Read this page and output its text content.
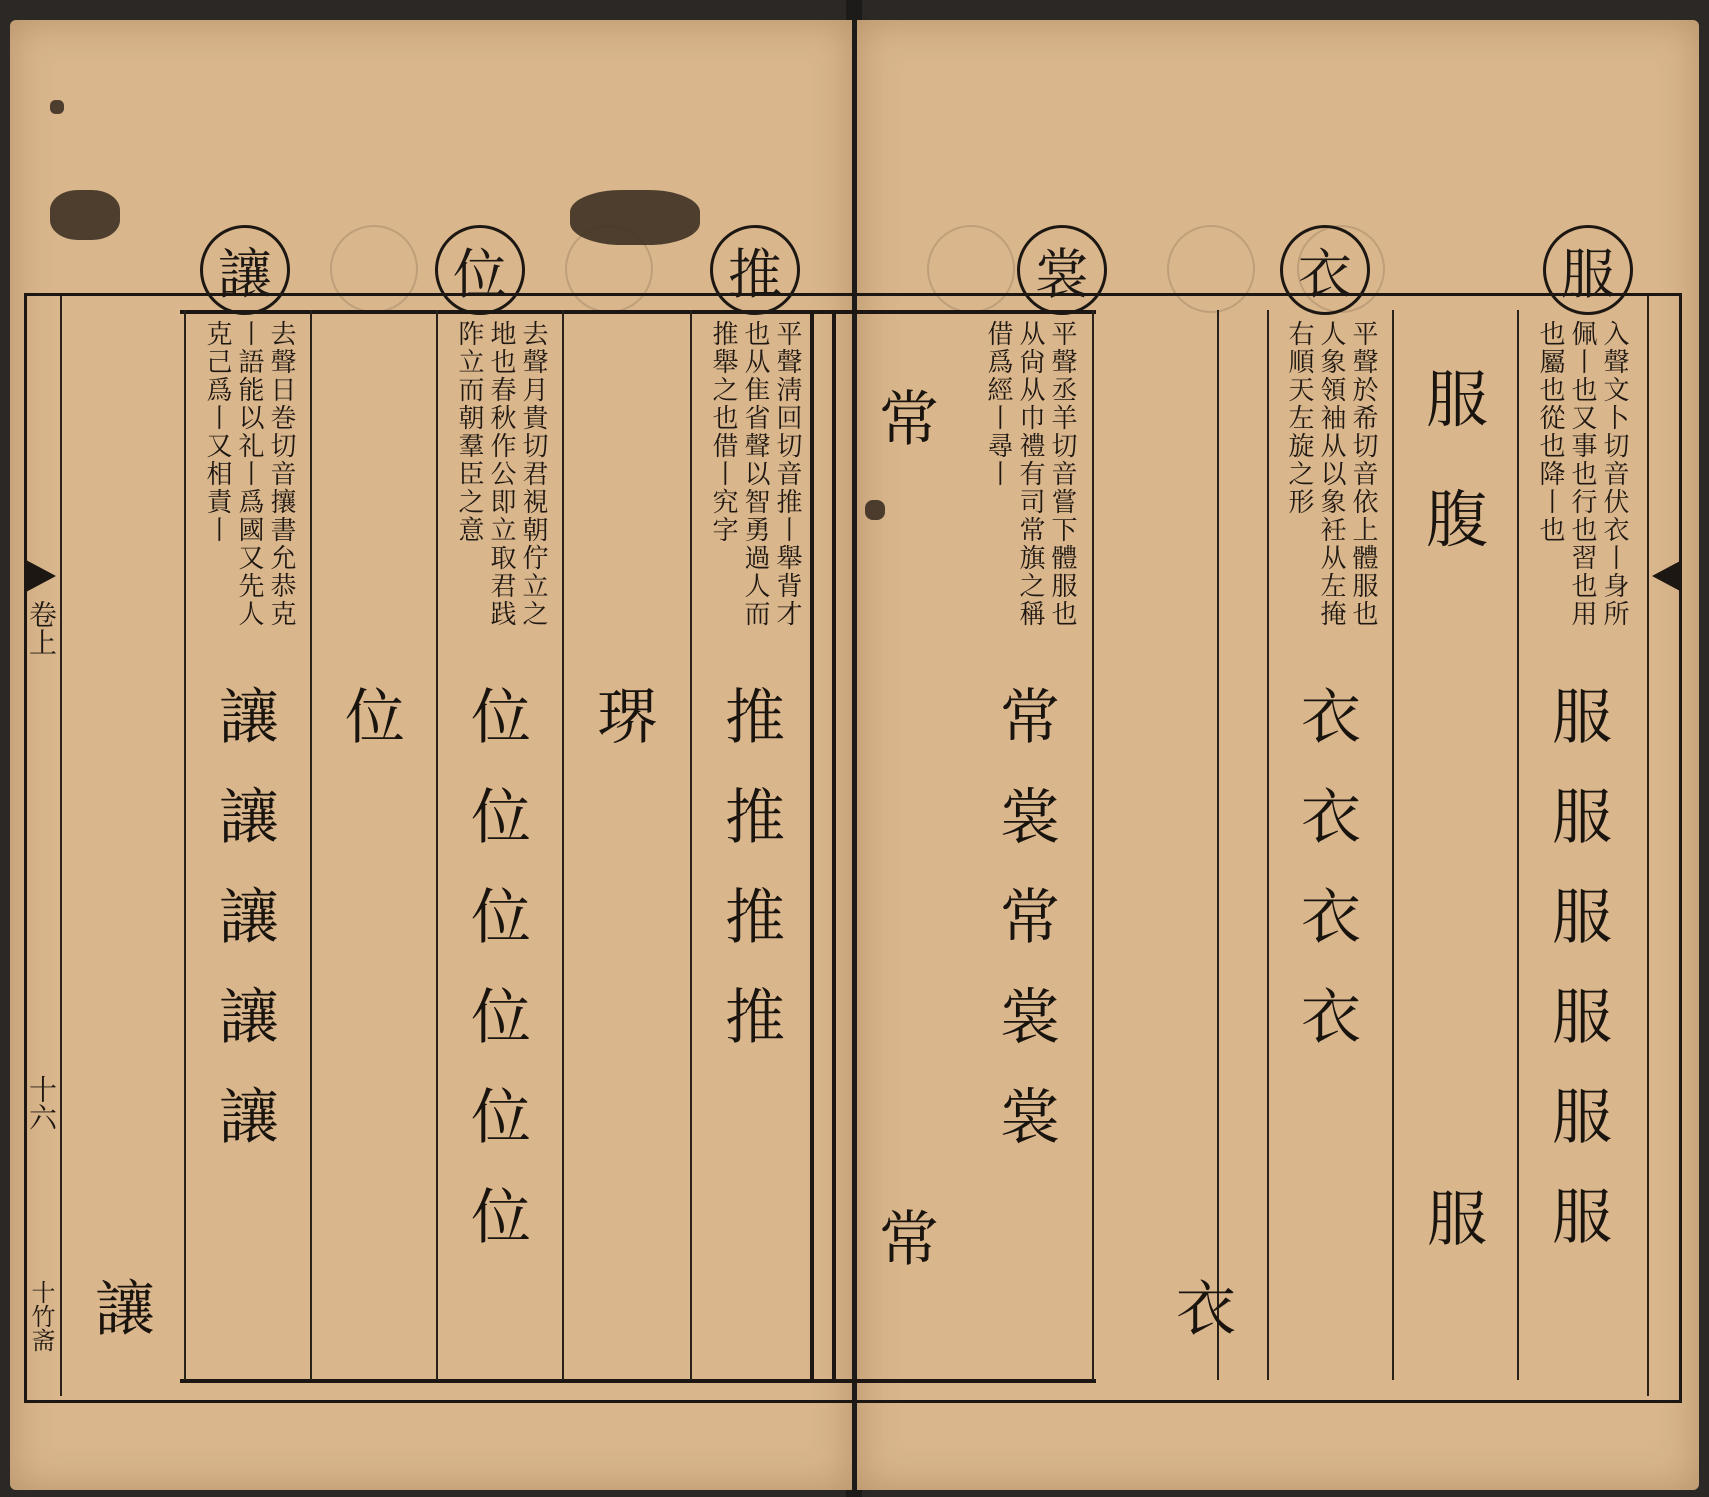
讓	位	推
卷上
十六
十竹斋
平聲淸回切音推丨舉背才也从隹省聲以智勇過人而推舉之也借丨究字
推
推
推
推
琾
去聲月貴切君視朝佇立之地也春秋作公即立取君践阼立而朝羣臣之意
位
位
位
位
位
位
位
去聲日巻切音攘書允恭克丨語能以礼丨爲國又先人克己爲丨又相責丨
讓
讓
讓
讓
讓
讓
裳	衣	服
入聲文卜切音伏衣丨身所佩丨也又事也行也習也用也屬也從也降丨也
服
服
服
服
服
服
服
腹
服
平聲於希切音依上體服也人象領袖从以象衽从左掩右順天左旋之形
衣
衣
衣
衣
衣
平聲丞羊切音嘗下體服也从尙从巾禮有司常旗之稱借爲經丨尋丨
常
裳
常
裳
裳
常
常
